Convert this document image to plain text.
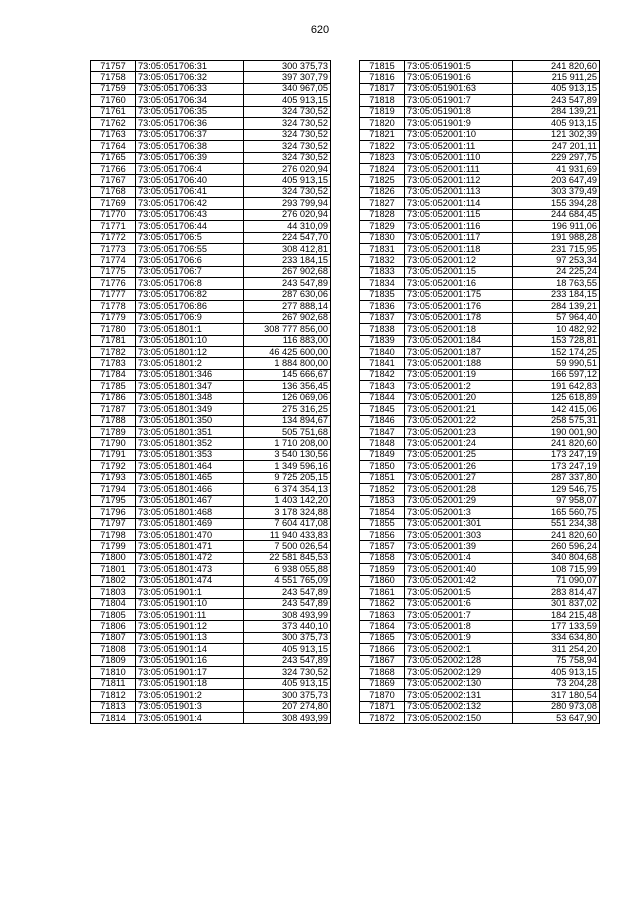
620
71757	73:05:051706:31	300 375,73
71758	73:05:051706:32	397 307,79
71759	73:05:051706:33	340 967,05
71760	73:05:051706:34	405 913,15
71761	73:05:051706:35	324 730,52
71762	73:05:051706:36	324 730,52
71763	73:05:051706:37	324 730,52
71764	73:05:051706:38	324 730,52
71765	73:05:051706:39	324 730,52
71766	73:05:051706:4	276 020,94
71767	73:05:051706:40	405 913,15
71768	73:05:051706:41	324 730,52
71769	73:05:051706:42	293 799,94
71770	73:05:051706:43	276 020,94
71771	73:05:051706:44	44 310,09
71772	73:05:051706:5	224 547,70
71773	73:05:051706:55	308 412,81
71774	73:05:051706:6	233 184,15
71775	73:05:051706:7	267 902,68
71776	73:05:051706:8	243 547,89
71777	73:05:051706:82	287 630,06
71778	73:05:051706:86	277 888,14
71779	73:05:051706:9	267 902,68
71780	73:05:051801:1	308 777 856,00
71781	73:05:051801:10	116 883,00
71782	73:05:051801:12	46 425 600,00
71783	73:05:051801:2	1 884 800,00
71784	73:05:051801:346	145 666,67
71785	73:05:051801:347	136 356,45
71786	73:05:051801:348	126 069,06
71787	73:05:051801:349	275 316,25
71788	73:05:051801:350	134 894,67
71789	73:05:051801:351	505 751,68
71790	73:05:051801:352	1 710 208,00
71791	73:05:051801:353	3 540 130,56
71792	73:05:051801:464	1 349 596,16
71793	73:05:051801:465	9 725 205,15
71794	73:05:051801:466	6 374 354,13
71795	73:05:051801:467	1 403 142,20
71796	73:05:051801:468	3 178 324,88
71797	73:05:051801:469	7 604 417,08
71798	73:05:051801:470	11 940 433,83
71799	73:05:051801:471	7 500 026,54
71800	73:05:051801:472	22 581 845,53
71801	73:05:051801:473	6 938 055,88
71802	73:05:051801:474	4 551 765,09
71803	73:05:051901:1	243 547,89
71804	73:05:051901:10	243 547,89
71805	73:05:051901:11	308 493,99
71806	73:05:051901:12	373 440,10
71807	73:05:051901:13	300 375,73
71808	73:05:051901:14	405 913,15
71809	73:05:051901:16	243 547,89
71810	73:05:051901:17	324 730,52
71811	73:05:051901:18	405 913,15
71812	73:05:051901:2	300 375,73
71813	73:05:051901:3	207 274,80
71814	73:05:051901:4	308 493,99
71815	73:05:051901:5	241 820,60
71816	73:05:051901:6	215 911,25
71817	73:05:051901:63	405 913,15
71818	73:05:051901:7	243 547,89
71819	73:05:051901:8	284 139,21
71820	73:05:051901:9	405 913,15
71821	73:05:052001:10	121 302,39
71822	73:05:052001:11	247 201,11
71823	73:05:052001:110	229 297,75
71824	73:05:052001:111	41 931,69
71825	73:05:052001:112	203 647,49
71826	73:05:052001:113	303 379,49
71827	73:05:052001:114	155 394,28
71828	73:05:052001:115	244 684,45
71829	73:05:052001:116	196 911,06
71830	73:05:052001:117	191 988,28
71831	73:05:052001:118	231 715,95
71832	73:05:052001:12	97 253,34
71833	73:05:052001:15	24 225,24
71834	73:05:052001:16	18 763,55
71835	73:05:052001:175	233 184,15
71836	73:05:052001:176	284 139,21
71837	73:05:052001:178	57 964,40
71838	73:05:052001:18	10 482,92
71839	73:05:052001:184	153 728,81
71840	73:05:052001:187	152 174,25
71841	73:05:052001:188	59 990,51
71842	73:05:052001:19	166 597,12
71843	73:05:052001:2	191 642,83
71844	73:05:052001:20	125 618,89
71845	73:05:052001:21	142 415,06
71846	73:05:052001:22	258 575,31
71847	73:05:052001:23	190 001,90
71848	73:05:052001:24	241 820,60
71849	73:05:052001:25	173 247,19
71850	73:05:052001:26	173 247,19
71851	73:05:052001:27	287 337,80
71852	73:05:052001:28	129 546,75
71853	73:05:052001:29	97 958,07
71854	73:05:052001:3	165 560,75
71855	73:05:052001:301	551 234,38
71856	73:05:052001:303	241 820,60
71857	73:05:052001:39	260 596,24
71858	73:05:052001:4	340 804,68
71859	73:05:052001:40	108 715,99
71860	73:05:052001:42	71 090,07
71861	73:05:052001:5	283 814,47
71862	73:05:052001:6	301 837,02
71863	73:05:052001:7	184 215,48
71864	73:05:052001:8	177 133,59
71865	73:05:052001:9	334 634,80
71866	73:05:052002:1	311 254,20
71867	73:05:052002:128	75 758,94
71868	73:05:052002:129	405 913,15
71869	73:05:052002:130	73 204,28
71870	73:05:052002:131	317 180,54
71871	73:05:052002:132	280 973,08
71872	73:05:052002:150	53 647,90
